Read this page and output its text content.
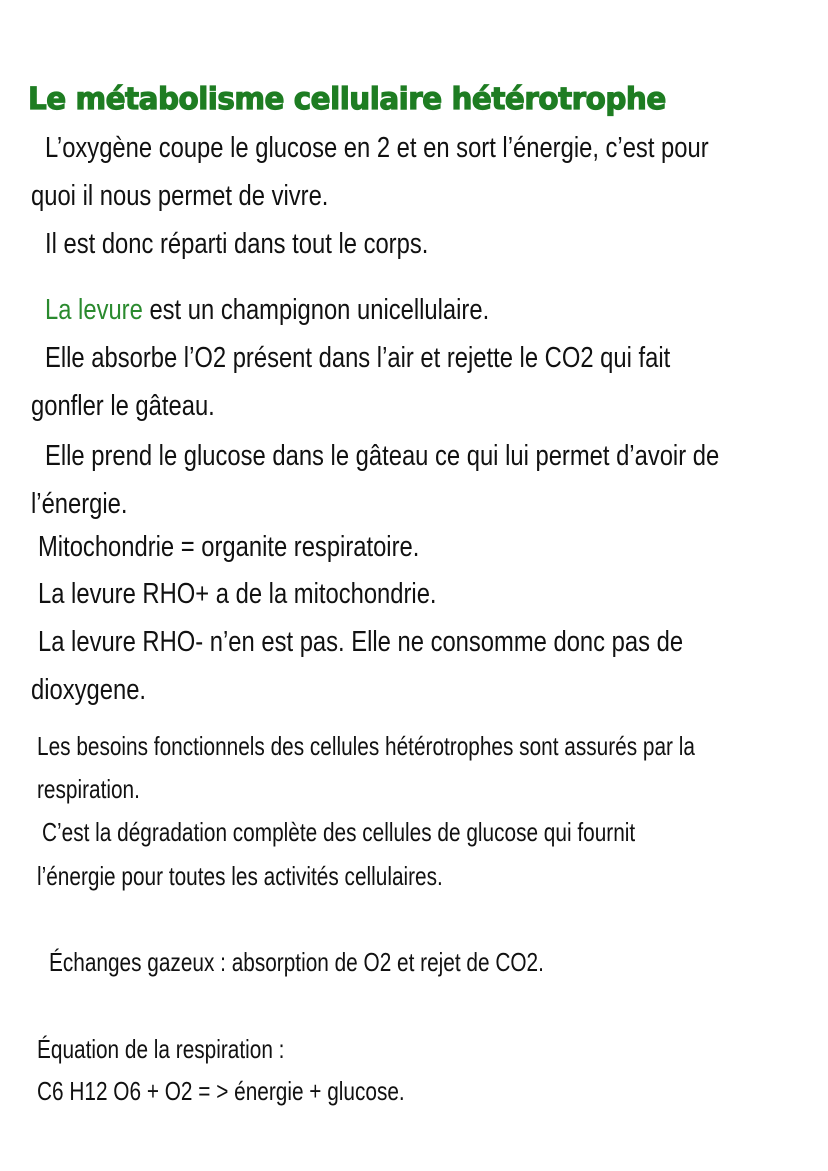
Le métabolisme cellulaire hétérotrophe
L’oxygène coupe le glucose en 2 et en sort l’énergie, c’est pour
quoi il nous permet de vivre.
Il est donc réparti dans tout le corps.
La levure est un champignon unicellulaire.
Elle absorbe l’O2 présent dans l’air et rejette le CO2 qui fait
gonfler le gâteau.
Elle prend le glucose dans le gâteau ce qui lui permet d’avoir de
l’énergie.
Mitochondrie = organite respiratoire.
La levure RHO+ a de la mitochondrie.
La levure RHO- n’en est pas. Elle ne consomme donc pas de
dioxygene.
Les besoins fonctionnels des cellules hétérotrophes sont assurés par la
respiration.
C’est la dégradation complète des cellules de glucose qui fournit
l’énergie pour toutes les activités cellulaires.
Échanges gazeux : absorption de O2 et rejet de CO2.
Équation de la respiration :
C6 H12 O6 + O2 = > énergie + glucose.
